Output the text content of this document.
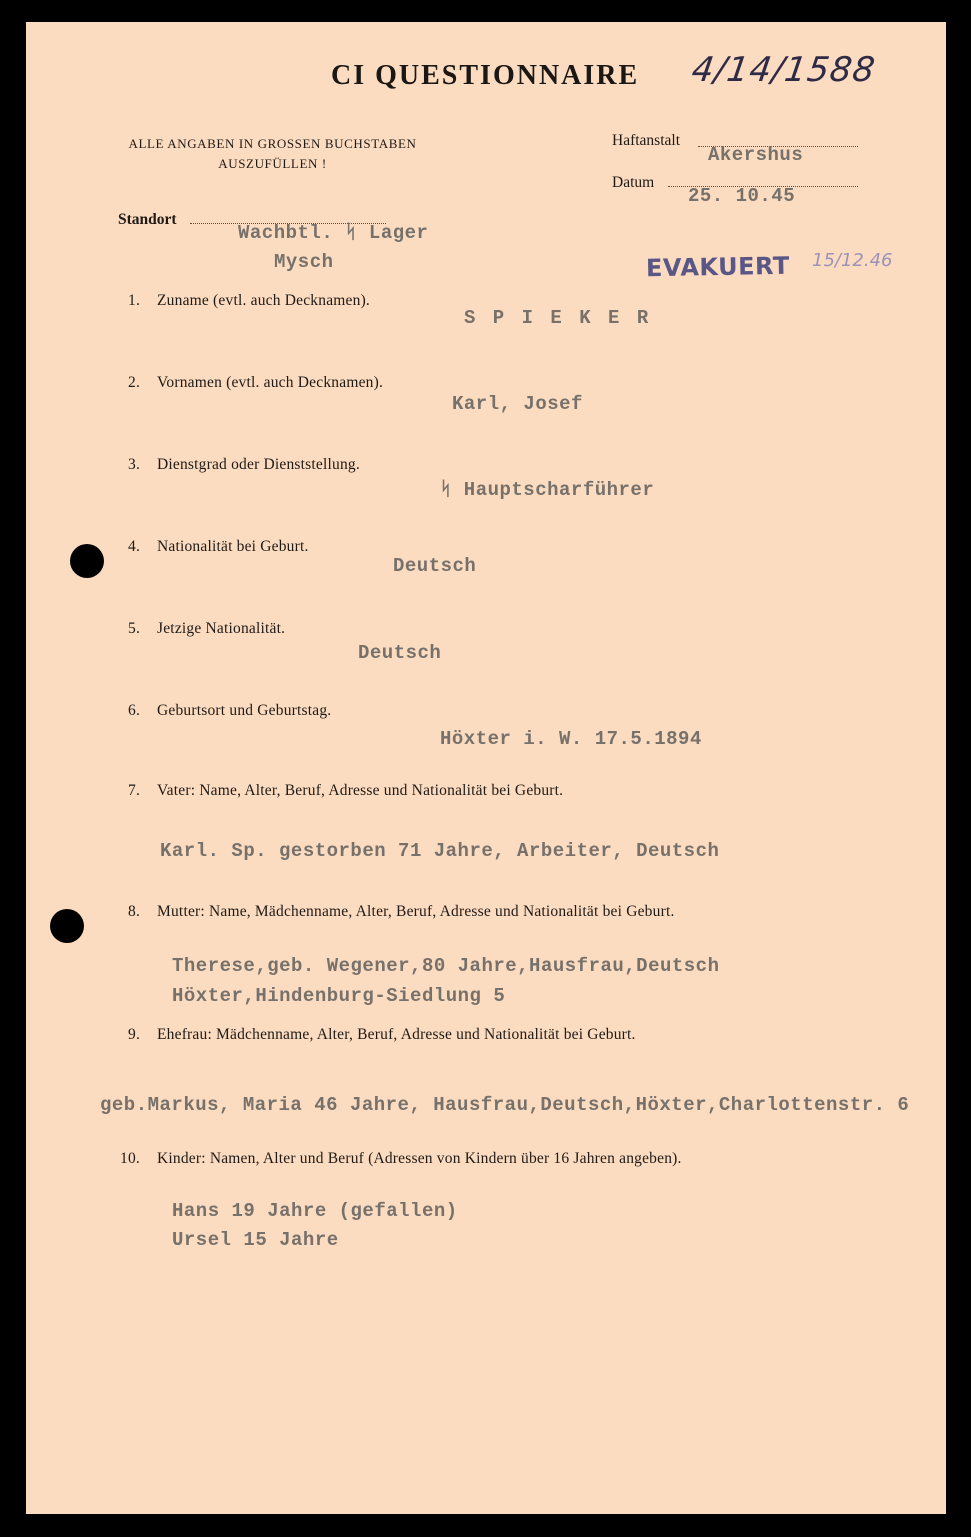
CI QUESTIONNAIRE 4/14/1588
ALLE ANGABEN IN GROSSEN BUCHSTABEN
AUSZUFÜLLEN !
Haftanstalt
Akershus
Datum
25. 10.45
Standort
Wachbtl. ᛋ Lager
Mysch	EVAKUERT 15/12.46
1. Zuname (evtl. auch Decknamen).
S P I E K E R
2. Vornamen (evtl. auch Decknamen).
Karl, Josef
3. Dienstgrad oder Dienststellung.
ᛋ Hauptscharführer
4. Nationalität bei Geburt.
Deutsch
5. Jetzige Nationalität.
Deutsch
6. Geburtsort und Geburtstag.
Höxter i. W. 17.5.1894
7. Vater: Name, Alter, Beruf, Adresse und Nationalität bei Geburt.
Karl. Sp. gestorben 71 Jahre, Arbeiter, Deutsch
8. Mutter: Name, Mädchenname, Alter, Beruf, Adresse und Nationalität bei Geburt.
Therese,geb. Wegener,80 Jahre,Hausfrau,Deutsch
Höxter,Hindenburg-Siedlung 5
9. Ehefrau: Mädchenname, Alter, Beruf, Adresse und Nationalität bei Geburt.
geb.Markus, Maria 46 Jahre, Hausfrau,Deutsch,Höxter,Charlottenstr. 6
10. Kinder: Namen, Alter und Beruf (Adressen von Kindern über 16 Jahren angeben).
Hans 19 Jahre (gefallen)
Ursel 15 Jahre
